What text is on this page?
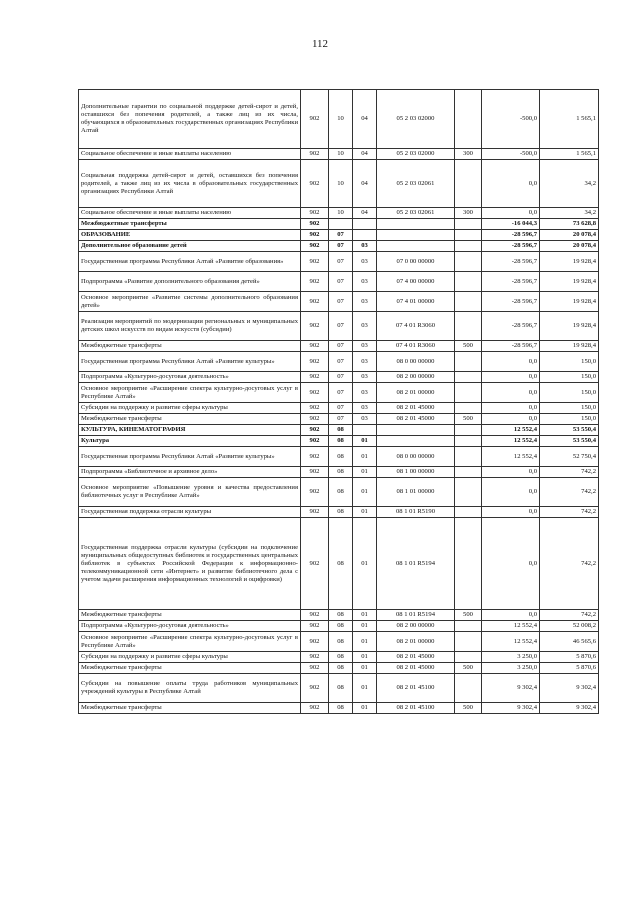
112
Дополнительные гарантии по социальной поддержке детей-сирот и детей, оставшихся без попечения родителей, а также лиц из их числа, обучающихся в образовательных государственных организациях Республики Алтай	902	10	04	05 2 03 02000		-500,0	1 565,1
Социальное обеспечение и иные выплаты населению	902	10	04	05 2 03 02000	300	-500,0	1 565,1
Социальная поддержка детей-сирот и детей, оставшихся без попечения родителей, а также лиц из их числа в образовательных государственных организациях Республики Алтай	902	10	04	05 2 03 02061		0,0	34,2
Социальное обеспечение и иные выплаты населению	902	10	04	05 2 03 02061	300	0,0	34,2
Межбюджетные трансферты	902					-16 044,3	73 628,8
ОБРАЗОВАНИЕ	902	07				-28 596,7	20 078,4
Дополнительное образование детей	902	07	03			-28 596,7	20 078,4
Государственная программа Республики Алтай «Развитие образования»	902	07	03	07 0 00 00000		-28 596,7	19 928,4
Подпрограмма «Развитие дополнительного образования детей»	902	07	03	07 4 00 00000		-28 596,7	19 928,4
Основное мероприятие «Развитие системы дополнительного образования детей»	902	07	03	07 4 01 00000		-28 596,7	19 928,4
Реализация мероприятий по модернизации региональных и муниципальных детских школ искусств по видам искусств (субсидии)	902	07	03	07 4 01 R3060		-28 596,7	19 928,4
Межбюджетные трансферты	902	07	03	07 4 01 R3060	500	-28 596,7	19 928,4
Государственная программа Республики Алтай «Развитие культуры»	902	07	03	08 0 00 00000		0,0	150,0
Подпрограмма «Культурно-досуговая деятельность»	902	07	03	08 2 00 00000		0,0	150,0
Основное мероприятие «Расширение спектра культурно-досуговых услуг в Республике Алтай»	902	07	03	08 2 01 00000		0,0	150,0
Субсидии на поддержку и развитие сферы культуры	902	07	03	08 2 01 45000		0,0	150,0
Межбюджетные трансферты	902	07	03	08 2 01 45000	500	0,0	150,0
КУЛЬТУРА, КИНЕМАТОГРАФИЯ	902	08				12 552,4	53 550,4
Культура	902	08	01			12 552,4	53 550,4
Государственная программа Республики Алтай «Развитие культуры»	902	08	01	08 0 00 00000		12 552,4	52 750,4
Подпрограмма «Библиотечное и архивное дело»	902	08	01	08 1 00 00000		0,0	742,2
Основное мероприятие «Повышение уровня и качества предоставления библиотечных услуг в Республике Алтай»	902	08	01	08 1 01 00000		0,0	742,2
Государственная поддержка отрасли культуры	902	08	01	08 1 01 R5190		0,0	742,2
Государственная поддержка отрасли культуры (субсидии на подключение муниципальных общедоступных библиотек и государственных центральных библиотек в субъектах Российской Федерации к информационно-телекоммуникационной сети «Интернет» и развитие библиотечного дела с учетом задачи расширения информационных технологий и оцифровки)	902	08	01	08 1 01 R5194		0,0	742,2
Межбюджетные трансферты	902	08	01	08 1 01 R5194	500	0,0	742,2
Подпрограмма «Культурно-досуговая деятельность»	902	08	01	08 2 00 00000		12 552,4	52 008,2
Основное мероприятие «Расширение спектра культурно-досуговых услуг в Республике Алтай»	902	08	01	08 2 01 00000		12 552,4	46 565,6
Субсидии на поддержку и развитие сферы культуры	902	08	01	08 2 01 45000		3 250,0	5 870,6
Межбюджетные трансферты	902	08	01	08 2 01 45000	500	3 250,0	5 870,6
Субсидии на повышение оплаты труда работников муниципальных учреждений культуры в Республике Алтай	902	08	01	08 2 01 45100		9 302,4	9 302,4
Межбюджетные трансферты	902	08	01	08 2 01 45100	500	9 302,4	9 302,4
